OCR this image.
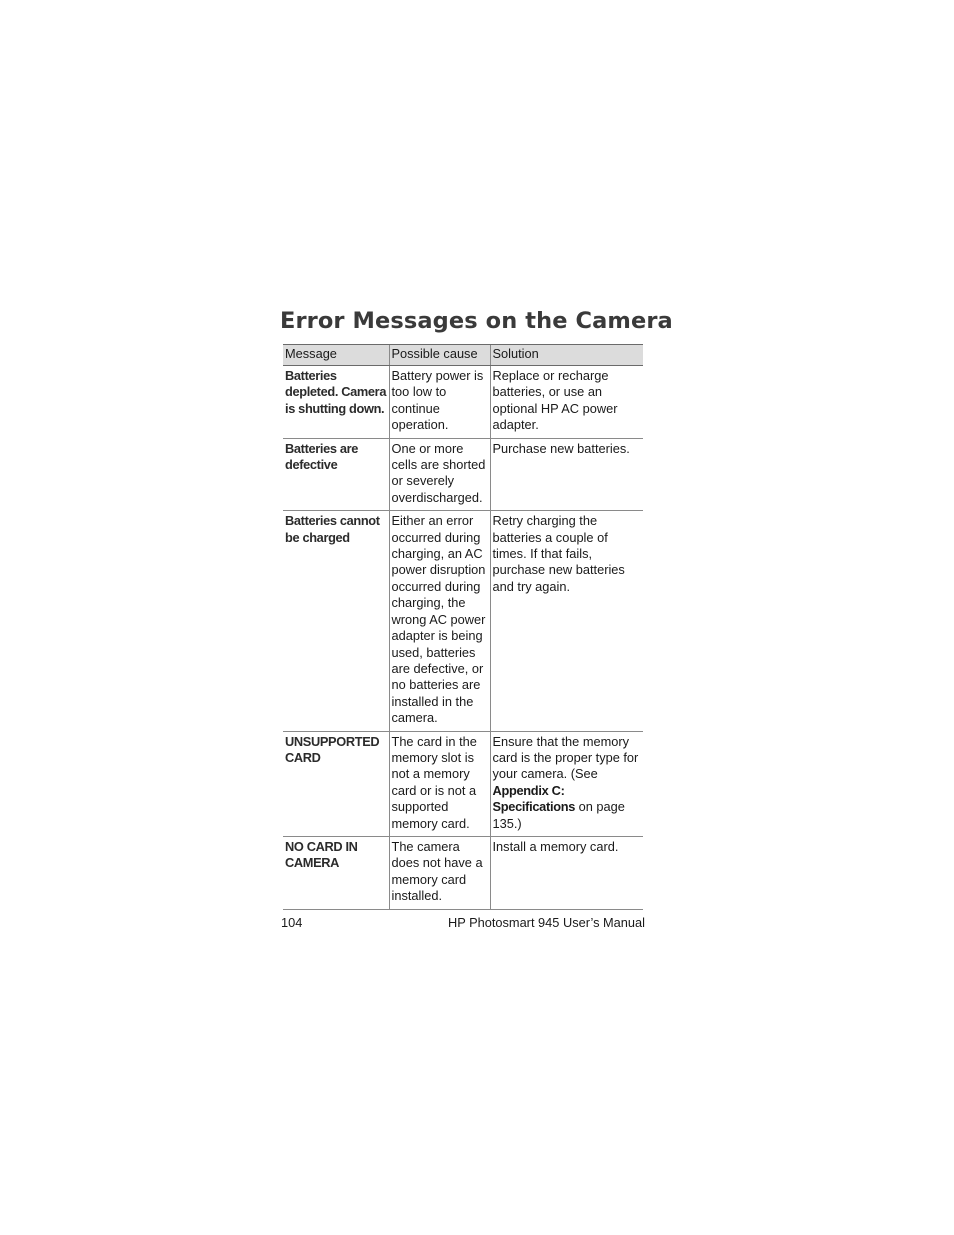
Error Messages on the Camera
Message	Possible cause	Solution
Batteries depleted. Camera is shutting down.	Battery power is too low to continue operation.	Replace or recharge batteries, or use an optional HP AC power adapter.
Batteries are defective	One or more cells are shorted or severely overdischarged.	Purchase new batteries.
Batteries cannot be charged	Either an error occurred during charging, an AC power disruption occurred during charging, the wrong AC power adapter is being used, batteries are defective, or no batteries are installed in the camera.	Retry charging the batteries a couple of times. If that fails, purchase new batteries and try again.
UNSUPPORTED CARD	The card in the memory slot is not a memory card or is not a supported memory card.	Ensure that the memory card is the proper type for your camera. (See Appendix C: Specifications on page 135.)
NO CARD IN CAMERA	The camera does not have a memory card installed.	Install a memory card.
104	HP Photosmart 945 User’s Manual
